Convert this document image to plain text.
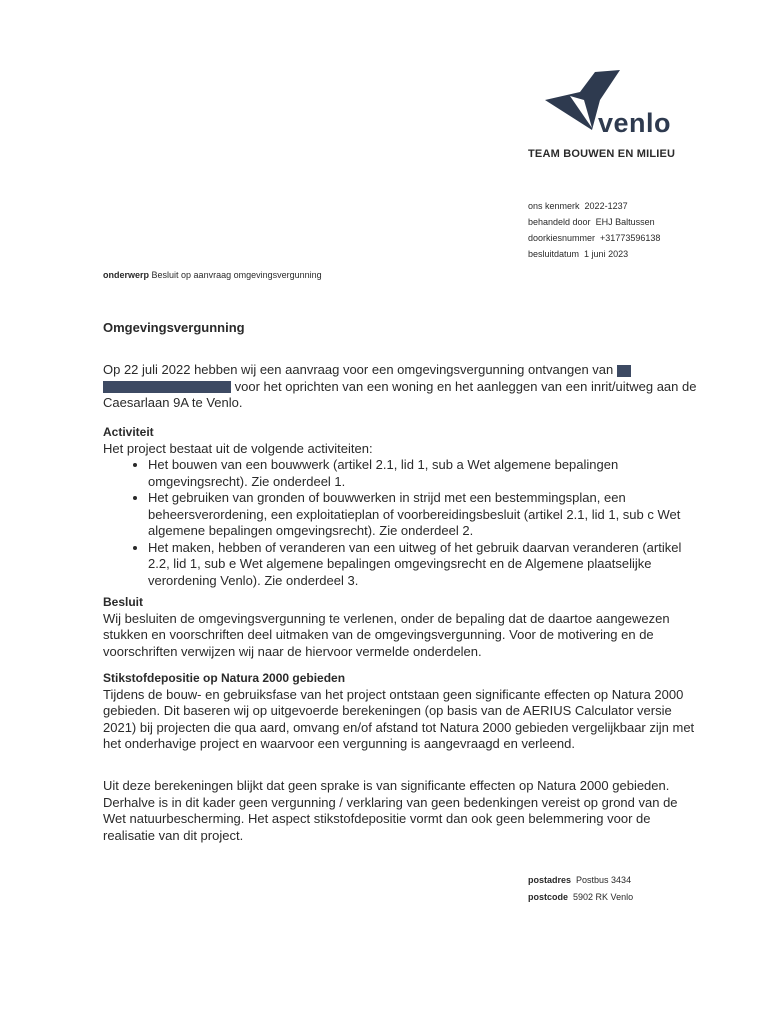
venlo
TEAM BOUWEN EN MILIEU
ons kenmerk 2022-1237
behandeld door EHJ Baltussen
doorkiesnummer +31773596138
besluitdatum 1 juni 2023
onderwerp Besluit op aanvraag omgevingsvergunning
Omgevingsvergunning
Op 22 juli 2022 hebben wij een aanvraag voor een omgevingsvergunning ontvangen van
voor het oprichten van een woning en het aanleggen van een inrit/uitweg aan de Caesarlaan 9A te Venlo.
Activiteit
Het project bestaat uit de volgende activiteiten:
• Het bouwen van een bouwwerk (artikel 2.1, lid 1, sub a Wet algemene bepalingen omgevingsrecht). Zie onderdeel 1.
• Het gebruiken van gronden of bouwwerken in strijd met een bestemmingsplan, een beheersverordening, een exploitatieplan of voorbereidingsbesluit (artikel 2.1, lid 1, sub c Wet algemene bepalingen omgevingsrecht). Zie onderdeel 2.
• Het maken, hebben of veranderen van een uitweg of het gebruik daarvan veranderen (artikel 2.2, lid 1, sub e Wet algemene bepalingen omgevingsrecht en de Algemene plaatselijke verordening Venlo). Zie onderdeel 3.
Besluit
Wij besluiten de omgevingsvergunning te verlenen, onder de bepaling dat de daartoe aangewezen stukken en voorschriften deel uitmaken van de omgevingsvergunning. Voor de motivering en de voorschriften verwijzen wij naar de hiervoor vermelde onderdelen.
Stikstofdepositie op Natura 2000 gebieden
Tijdens de bouw- en gebruiksfase van het project ontstaan geen significante effecten op Natura 2000 gebieden. Dit baseren wij op uitgevoerde berekeningen (op basis van de AERIUS Calculator versie 2021) bij projecten die qua aard, omvang en/of afstand tot Natura 2000 gebieden vergelijkbaar zijn met het onderhavige project en waarvoor een vergunning is aangevraagd en verleend.
Uit deze berekeningen blijkt dat geen sprake is van significante effecten op Natura 2000 gebieden. Derhalve is in dit kader geen vergunning / verklaring van geen bedenkingen vereist op grond van de Wet natuurbescherming. Het aspect stikstofdepositie vormt dan ook geen belemmering voor de realisatie van dit project.
postadres Postbus 3434
postcode 5902 RK Venlo
